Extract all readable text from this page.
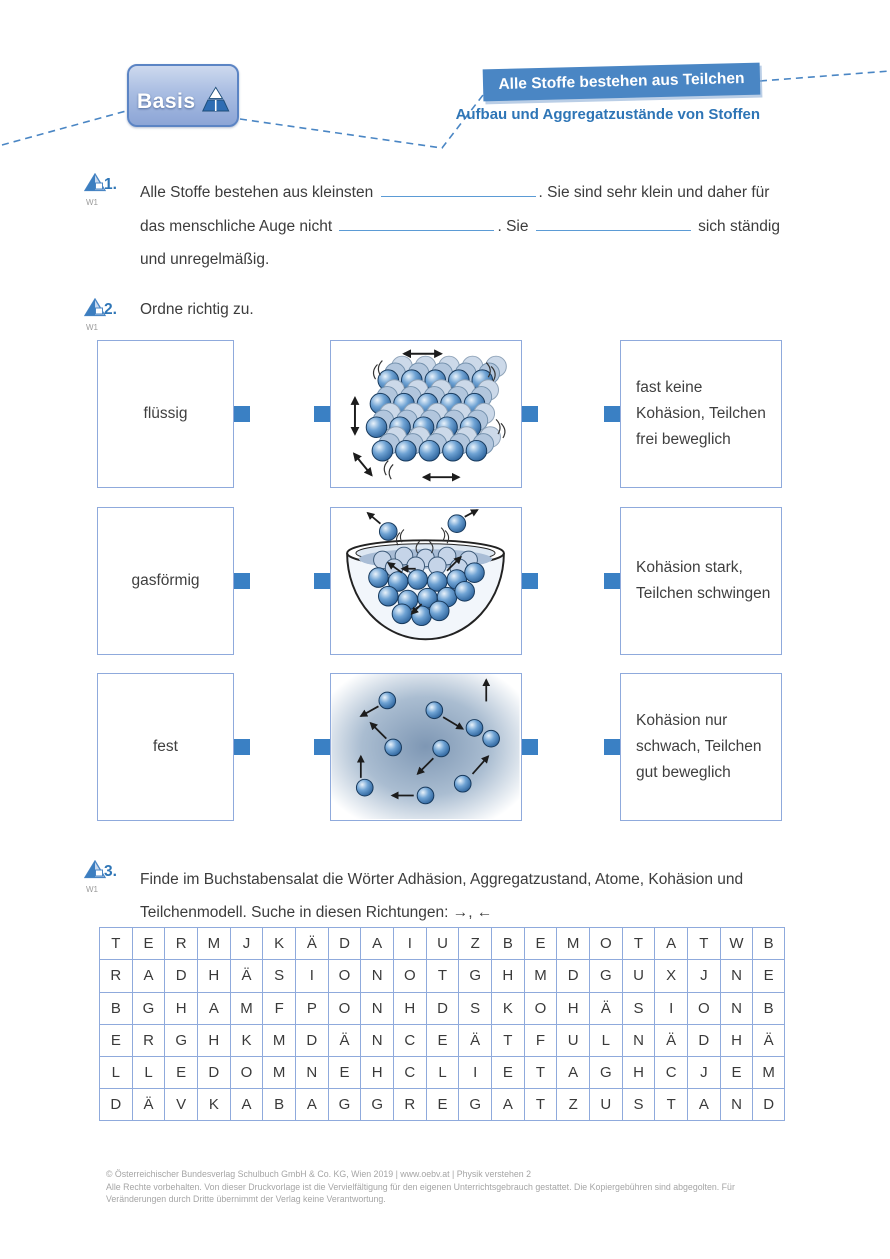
Basis
Alle Stoffe bestehen aus Teilchen
Aufbau und Aggregatzustände von Stoffen
W1
1. Alle Stoffe bestehen aus kleinsten	. Sie sind sehr klein und daher für das menschliche Auge nicht	. Sie	sich ständig und unregelmäßig.
W1
2. Ordne richtig zu.
flüssig
fast keine Kohäsion, Teilchen frei beweglich
gasförmig
Kohäsion stark, Teilchen schwingen
fest
Kohäsion nur schwach, Teilchen gut beweglich
W1
3. Finde im Buchstabensalat die Wörter Adhäsion, Aggregatzustand, Atome, Kohäsion und
Teilchenmodell. Suche in diesen Richtungen: →, ←
T	E	R	M	J	K	Ä	D	A	I	U	Z	B	E	M	O	T	A	T	W	B
R	A	D	H	Ä	S	I	O	N	O	T	G	H	M	D	G	U	X	J	N	E
B	G	H	A	M	F	P	O	N	H	D	S	K	O	H	Ä	S	I	O	N	B
E	R	G	H	K	M	D	Ä	N	C	E	Ä	T	F	U	L	N	Ä	D	H	Ä
L	L	E	D	O	M	N	E	H	C	L	I	E	T	A	G	H	C	J	E	M
D	Ä	V	K	A	B	A	G	G	R	E	G	A	T	Z	U	S	T	A	N	D
© Österreichischer Bundesverlag Schulbuch GmbH & Co. KG, Wien 2019 | www.oebv.at | Physik verstehen 2
Alle Rechte vorbehalten. Von dieser Druckvorlage ist die Vervielfältigung für den eigenen Unterrichtsgebrauch gestattet. Die Kopiergebühren sind abgegolten. Für
Veränderungen durch Dritte übernimmt der Verlag keine Verantwortung.
